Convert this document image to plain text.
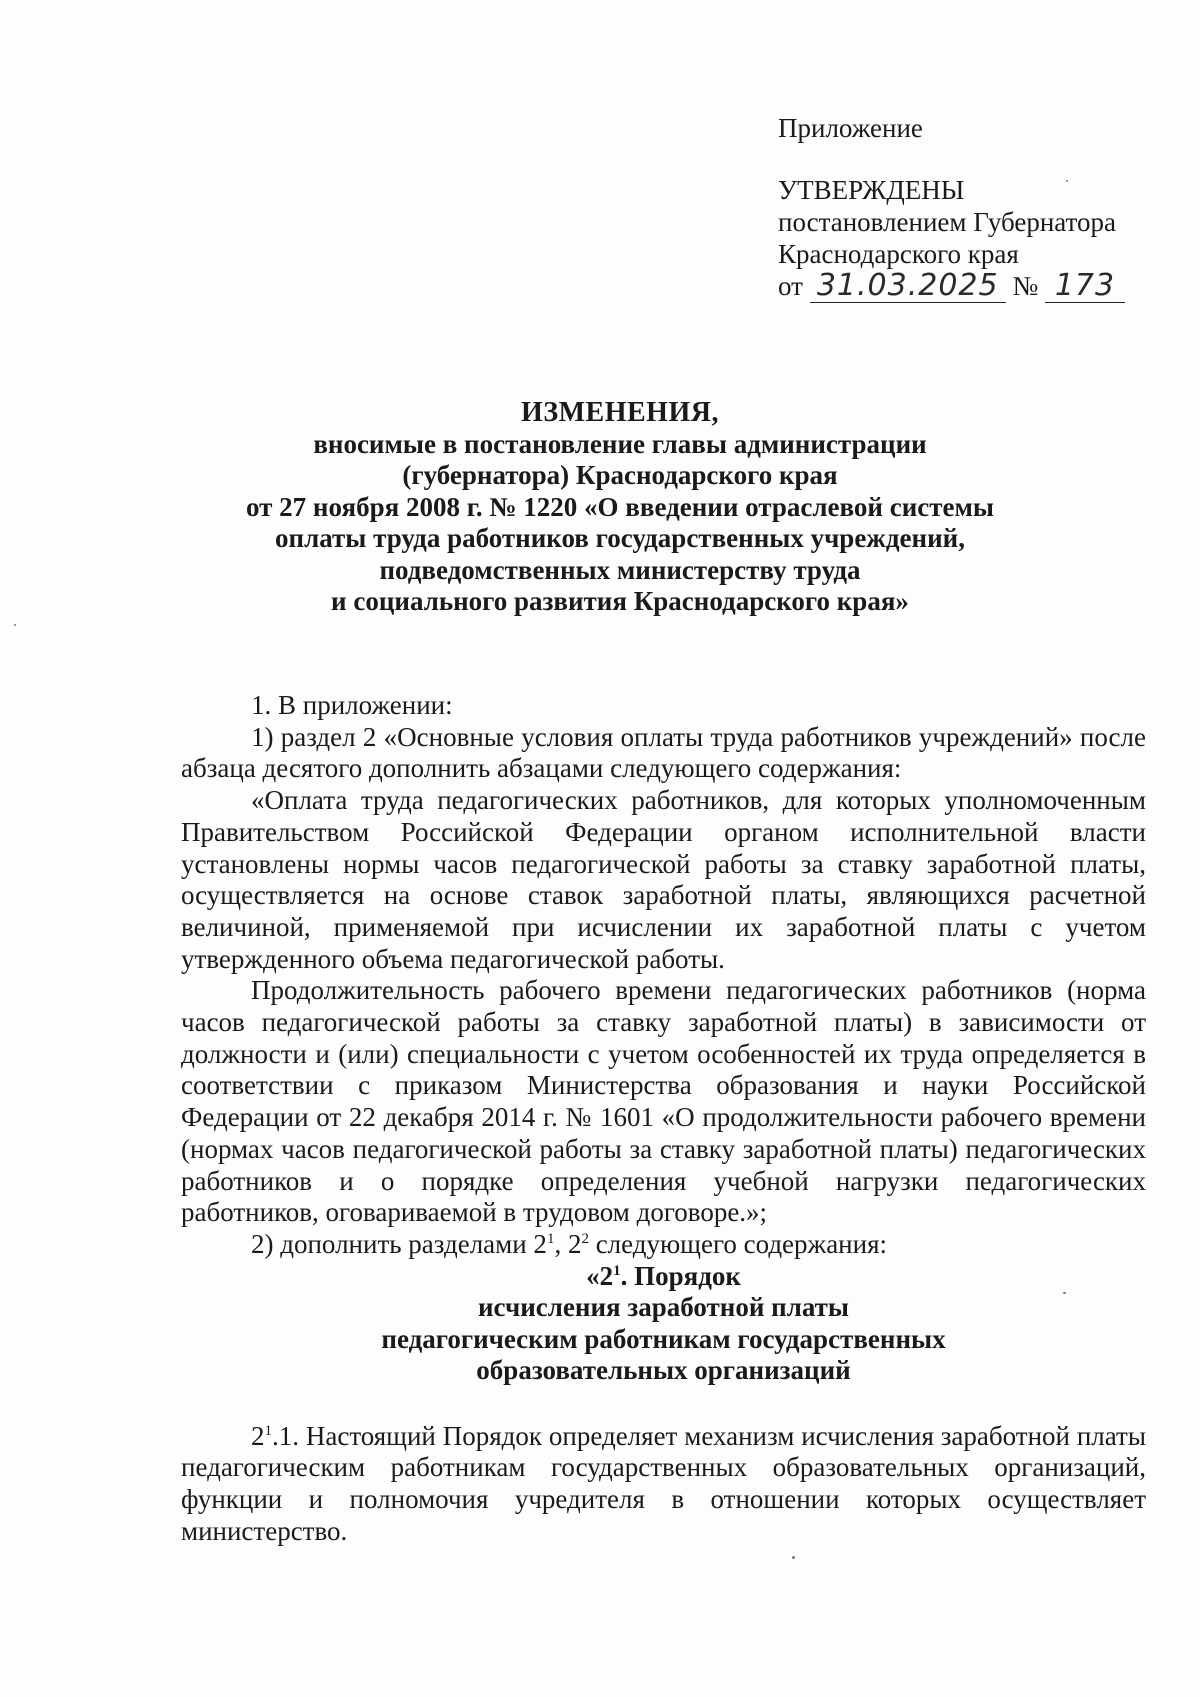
Приложение
УТВЕРЖДЕНЫ
постановлением Губернатора
Краснодарского края
от 31.03.2025 № 173
ИЗМЕНЕНИЯ,
вносимые в постановление главы администрации
(губернатора) Краснодарского края
от 27 ноября 2008 г. № 1220 «О введении отраслевой системы
оплаты труда работников государственных учреждений,
подведомственных министерству труда
и социального развития Краснодарского края»

1. В приложении:

1) раздел 2 «Основные условия оплаты труда работников учреждений» после абзаца десятого дополнить абзацами следующего содержания:

«Оплата труда педагогических работников, для которых уполномоченным Правительством Российской Федерации органом исполнительной власти установлены нормы часов педагогической работы за ставку заработной платы, осуществляется на основе ставок заработной платы, являющихся расчетной величиной, применяемой при исчислении их заработной платы с учетом утвержденного объема педагогической работы.

Продолжительность рабочего времени педагогических работников (норма часов педагогической работы за ставку заработной платы) в зависимости от должности и (или) специальности с учетом особенностей их труда определяется в соответствии с приказом Министерства образования и науки Российской Федерации от 22 декабря 2014 г. № 1601 «О продолжительности рабочего времени (нормах часов педагогической работы за ставку заработной платы) педагогических работников и о порядке определения учебной нагрузки педагогических работников, оговариваемой в трудовом договоре.»;

2) дополнить разделами $2^1$, $2^2$ следующего содержания:

«$2^1$. Порядок
исчисления заработной платы
педагогическим работникам государственных
образовательных организаций

$2^1.1$. Настоящий Порядок определяет механизм исчисления заработной платы педагогическим работникам государственных образовательных организаций, функции и полномочия учредителя в отношении которых осуществляет министерство.
